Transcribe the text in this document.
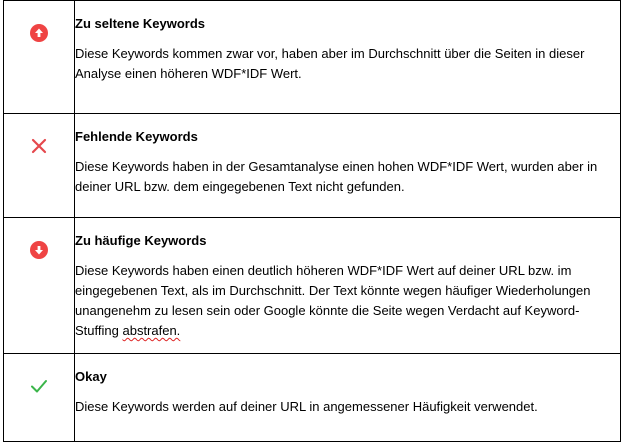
Zu seltene Keywords
Diese Keywords kommen zwar vor, haben aber im Durchschnitt über die Seiten in dieser Analyse einen höheren WDF*IDF Wert.

Fehlende Keywords
Diese Keywords haben in der Gesamtanalyse einen hohen WDF*IDF Wert, wurden aber in deiner URL bzw. dem eingegebenen Text nicht gefunden.

Zu häufige Keywords
Diese Keywords haben einen deutlich höheren WDF*IDF Wert auf deiner URL bzw. im eingegebenen Text, als im Durchschnitt. Der Text könnte wegen häufiger Wiederholungen unangenehm zu lesen sein oder Google könnte die Seite wegen Verdacht auf Keyword-Stuffing abstrafen.

Okay
Diese Keywords werden auf deiner URL in angemessener Häufigkeit verwendet.
